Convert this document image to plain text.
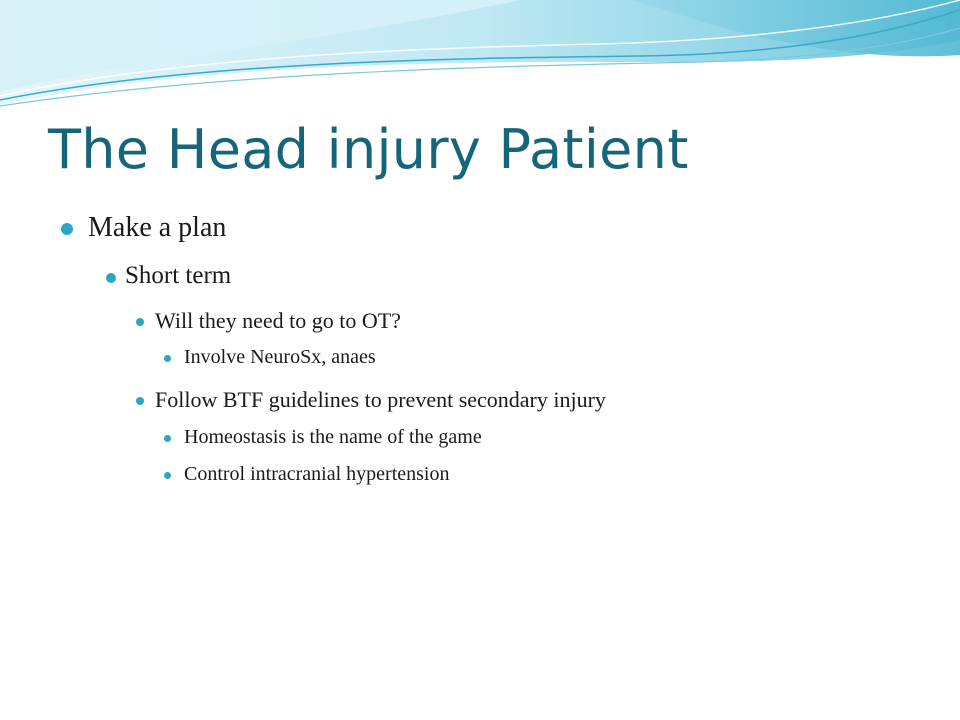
The Head injury Patient
Make a plan
Short term
Will they need to go to OT?
Involve NeuroSx, anaes
Follow BTF guidelines to prevent secondary injury
Homeostasis is the name of the game
Control intracranial hypertension
